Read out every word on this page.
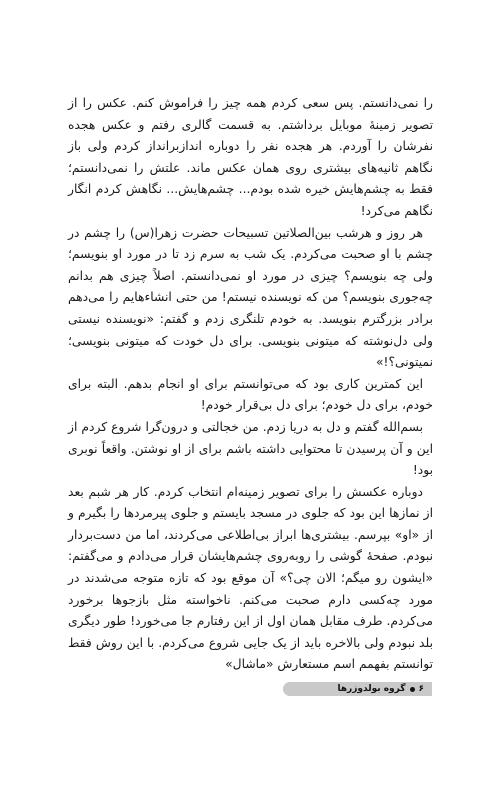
را نمی‌دانستم. پس سعی کردم همه چیز را فراموش کنم. عکس را از تصویر زمینهٔ موبایل برداشتم. به قسمت گالری رفتم و عکس هجده نفرشان را آوردم. هر هجده نفر را دوباره اندازبرانداز کردم ولی باز نگاهم ثانیه‌های بیشتری روی همان عکس ماند. علتش را نمی‌دانستم؛ فقط به چشم‌هایش خیره شده بودم... چشم‌هایش... نگاهش کردم انگار نگاهم می‌کرد!

هر روز و هرشب بین‌الصلاتین تسبیحات حضرت زهرا(س) را چشم در چشم با او صحبت می‌کردم. یک شب به سرم زد تا در مورد او بنویسم؛ ولی چه بنویسم؟ چیزی در مورد او نمی‌دانستم. اصلاً چیزی هم بدانم چه‌جوری بنویسم؟ من که نویسنده نیستم! من حتی انشاءهایم را می‌دهم برادر بزرگترم بنویسد. به خودم تلنگری زدم و گفتم: «نویسنده نیستی ولی دل‌نوشته که میتونی بنویسی. برای دل خودت که میتونی بنویسی؛ نمیتونی؟!»

این کمترین کاری بود که می‌توانستم برای او انجام بدهم. البته برای خودم، برای دل خودم؛ برای دل بی‌قرار خودم!

بسم‌الله گفتم و دل به دریا زدم. من خجالتی و درون‌گرا شروع کردم از این و آن پرسیدن تا محتوایی داشته باشم برای از او نوشتن. واقعاً نوبری بود!

دوباره عکسش را برای تصویر زمینه‌ام انتخاب کردم. کار هر شبم بعد از نمازها این بود که جلوی در مسجد بایستم و جلوی پیرمردها را بگیرم و از «او» بپرسم. بیشتری‌ها ابراز بی‌اطلاعی می‌کردند، اما من دست‌بردار نبودم. صفحهٔ گوشی را روبه‌روی چشم‌هایشان قرار می‌دادم و می‌گفتم: «ایشون رو میگم؛ الان چی؟» آن موقع بود که تازه متوجه می‌شدند در مورد چه‌کسی دارم صحبت می‌کنم. ناخواسته مثل بازجوها برخورد می‌کردم. طرف مقابل همان اول از این رفتارم جا می‌خورد! طور دیگری بلد نبودم ولی بالاخره باید از یک جایی شروع می‌کردم. با این روش فقط توانستم بفهمم اسم مستعارش «ماشال»

۶
گروه بولدوزرها
